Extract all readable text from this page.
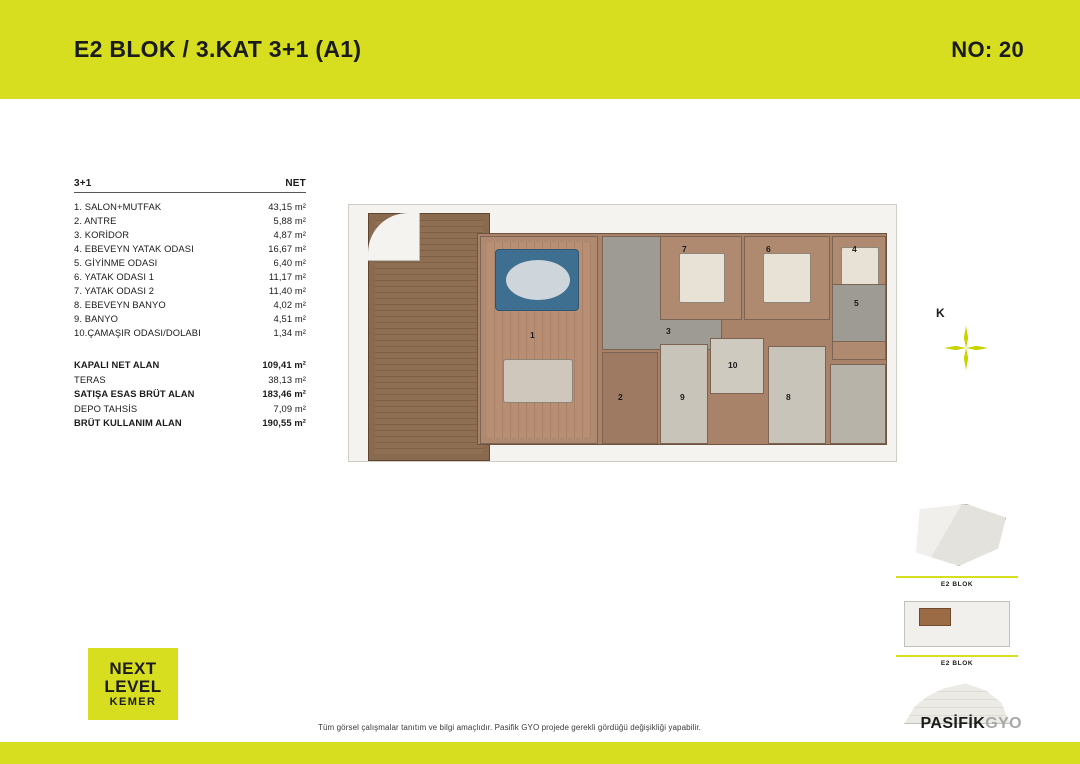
E2 BLOK / 3.KAT 3+1 (A1)	NO: 20
3+1	NET
1. SALON+MUTFAK	43,15 m²
2. ANTRE	5,88 m²
3. KORİDOR	4,87 m²
4. EBEVEYN YATAK ODASI	16,67 m²
5. GİYİNME ODASI	6,40 m²
6. YATAK ODASI 1	11,17 m²
7. YATAK ODASI 2	11,40 m²
8. EBEVEYN BANYO	4,02 m²
9. BANYO	4,51 m²
10.ÇAMAŞIR ODASI/DOLABI	1,34 m²
KAPALI NET ALAN	109,41 m²
TERAS	38,13 m²
SATIŞA ESAS BRÜT ALAN	183,46 m²
DEPO TAHSİS	7,09 m²
BRÜT KULLANIM ALAN	190,55 m²
1
2
3
4
5
6
7
8
9
10
K
E2 BLOK
E2 BLOK
NEXT
LEVEL
KEMER
Tüm görsel çalışmalar tanıtım ve bilgi amaçlıdır. Pasifik GYO projede gerekli gördüğü değişikliği yapabilir.	PASİFİKGYO
